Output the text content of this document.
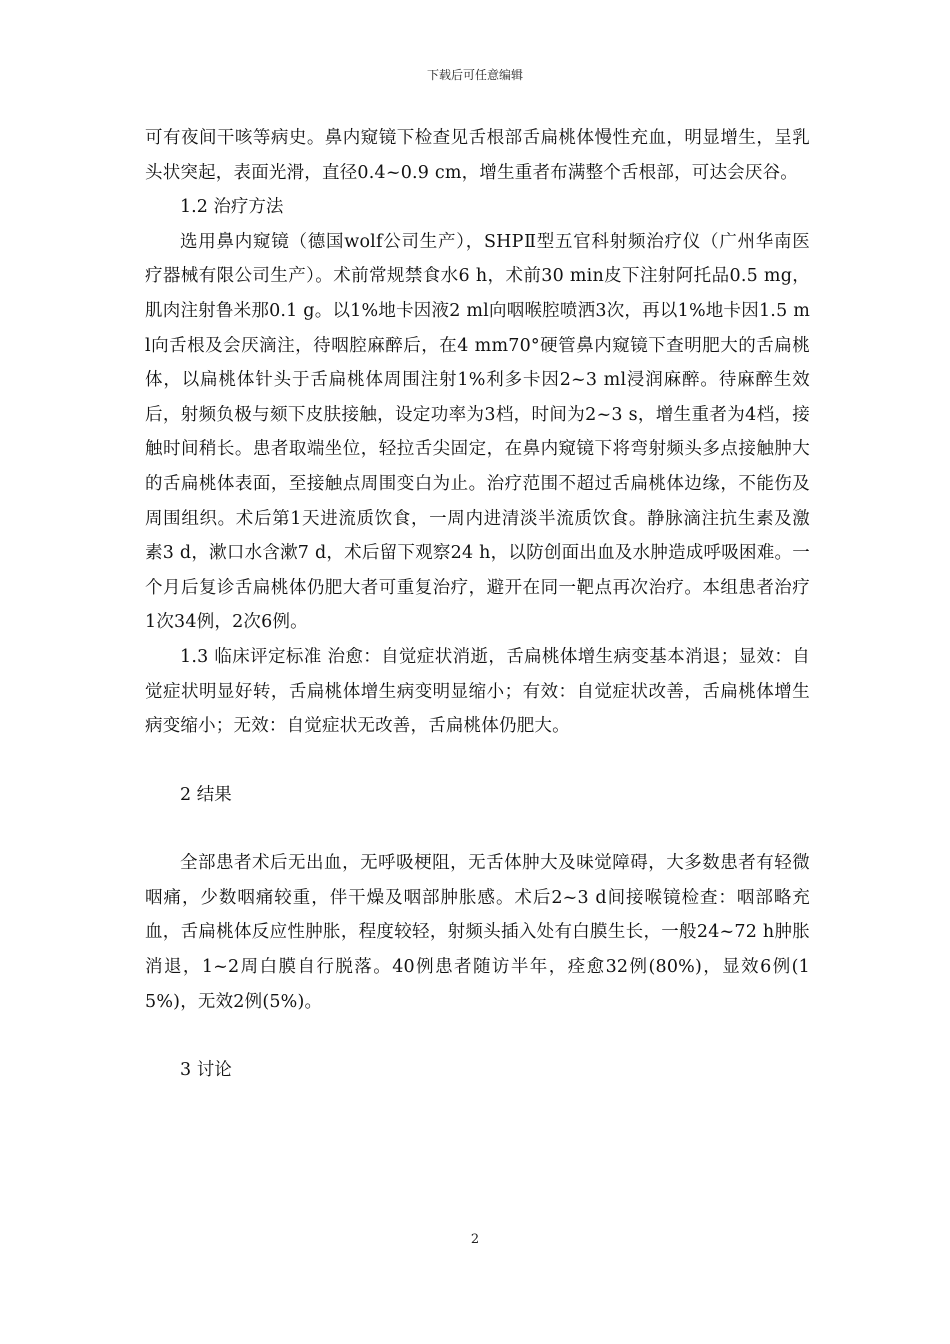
下载后可任意编辑

可有夜间干咳等病史。鼻内窥镜下检查见舌根部舌扁桃体慢性充血，明显增生，呈乳头状突起，表面光滑，直径0.4~0.9 cm，增生重者布满整个舌根部，可达会厌谷。

1.2 治疗方法

选用鼻内窥镜（德国wolf公司生产），SHPⅡ型五官科射频治疗仪（广州华南医疗器械有限公司生产）。术前常规禁食水6 h，术前30 min皮下注射阿托品0.5 mg，肌肉注射鲁米那0.1 g。以1%地卡因液2 ml向咽喉腔喷洒3次，再以1%地卡因1.5 ml向舌根及会厌滴注，待咽腔麻醉后，在4 mm70°硬管鼻内窥镜下查明肥大的舌扁桃体，以扁桃体针头于舌扁桃体周围注射1%利多卡因2~3 ml浸润麻醉。待麻醉生效后，射频负极与颏下皮肤接触，设定功率为3档，时间为2~3 s，增生重者为4档，接触时间稍长。患者取端坐位，轻拉舌尖固定，在鼻内窥镜下将弯射频头多点接触肿大的舌扁桃体表面，至接触点周围变白为止。治疗范围不超过舌扁桃体边缘，不能伤及周围组织。术后第1天进流质饮食，一周内进清淡半流质饮食。静脉滴注抗生素及激素3 d，漱口水含漱7 d，术后留下观察24 h，以防创面出血及水肿造成呼吸困难。一个月后复诊舌扁桃体仍肥大者可重复治疗，避开在同一靶点再次治疗。本组患者治疗1次34例，2次6例。

1.3 临床评定标准 治愈：自觉症状消逝，舌扁桃体增生病变基本消退；显效：自觉症状明显好转，舌扁桃体增生病变明显缩小；有效：自觉症状改善，舌扁桃体增生病变缩小；无效：自觉症状无改善，舌扁桃体仍肥大。

2 结果

全部患者术后无出血，无呼吸梗阻，无舌体肿大及味觉障碍，大多数患者有轻微咽痛，少数咽痛较重，伴干燥及咽部肿胀感。术后2~3 d间接喉镜检查：咽部略充血，舌扁桃体反应性肿胀，程度较轻，射频头插入处有白膜生长，一般24~72 h肿胀消退，1~2周白膜自行脱落。40例患者随访半年，痊愈32例(80%)，显效6例(15%)，无效2例(5%)。

3 讨论

2
